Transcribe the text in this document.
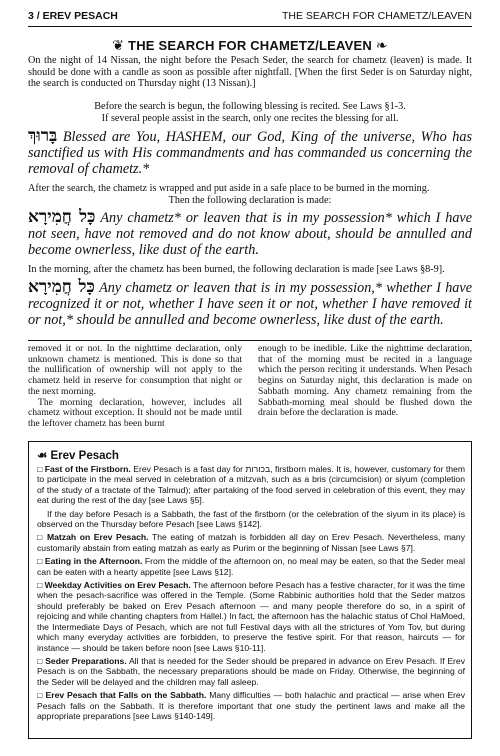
3 / EREV PESACH	THE SEARCH FOR CHAMETZ/LEAVEN
❦ THE SEARCH FOR CHAMETZ/LEAVEN ❧
On the night of 14 Nissan, the night before the Pesach Seder, the search for chametz (leaven) is made. It should be done with a candle as soon as possible after nightfall. [When the first Seder is on Saturday night, the search is conducted on Thursday night (13 Nissan).]
Before the search is begun, the following blessing is recited. See Laws §1-3.
If several people assist in the search, only one recites the blessing for all.
בָּרוּךְ Blessed are You, HASHEM, our God, King of the universe, Who has sanctified us with His commandments and has commanded us concerning the removal of chametz.*
After the search, the chametz is wrapped and put aside in a safe place to be burned in the morning.
Then the following declaration is made:
כָּל חֲמִירָא Any chametz* or leaven that is in my possession* which I have not seen, have not removed and do not know about, should be annulled and become ownerless, like dust of the earth.
In the morning, after the chametz has been burned, the following declaration is made [see Laws §8-9].
כָּל חֲמִירָא Any chametz or leaven that is in my possession,* whether I have recognized it or not, whether I have seen it or not, whether I have removed it or not,* should be annulled and become ownerless, like dust of the earth.

removed it or not. In the nighttime declaration, only unknown chametz is mentioned. This is done so that the nullification of ownership will not apply to the chametz held in reserve for consumption that night or the next morning.

The morning declaration, however, includes all chametz without exception. It should not be made until the leftover chametz has been burnt

enough to be inedible. Like the nighttime declaration, that of the morning must be recited in a language which the person reciting it understands. When Pesach begins on Saturday night, this declaration is made on Sabbath morning. Any chametz remaining from the Sabbath-morning meal should be flushed down the drain before the declaration is made.

☙ Erev Pesach

□ Fast of the Firstborn. Erev Pesach is a fast day for בכורות, firstborn males. It is, however, customary for them to participate in the meal served in celebration of a mitzvah, such as a bris (circumcision) or siyum (completion of the study of a tractate of the Talmud); after partaking of the food served in celebration of this event, they may eat during the rest of the day [see Laws §5].

If the day before Pesach is a Sabbath, the fast of the firstborn (or the celebration of the siyum in its place) is observed on the Thursday before Pesach [see Laws §142].

□ Matzah on Erev Pesach. The eating of matzah is forbidden all day on Erev Pesach. Nevertheless, many customarily abstain from eating matzah as early as Purim or the beginning of Nissan [see Laws §7].

□ Eating in the Afternoon. From the middle of the afternoon on, no meal may be eaten, so that the Seder meal can be eaten with a hearty appetite [see Laws §12].

□ Weekday Activities on Erev Pesach. The afternoon before Pesach has a festive character, for it was the time when the pesach-sacrifice was offered in the Temple. (Some Rabbinic authorities hold that the Seder matzos should preferably be baked on Erev Pesach afternoon — and many people therefore do so, in a spirit of rejoicing and while chanting chapters from Hallel.) In fact, the afternoon has the halachic status of Chol HaMoed, the Intermediate Days of Pesach, which are not full Festival days with all the strictures of Yom Tov, but during which many everyday activities are forbidden, to preserve the festive spirit. For that reason, haircuts — for instance — should be taken before noon [see Laws §10-11].

□ Seder Preparations. All that is needed for the Seder should be prepared in advance on Erev Pesach. If Erev Pesach is on the Sabbath, the necessary preparations should be made on Friday. Otherwise, the beginning of the Seder will be delayed and the children may fall asleep.

□ Erev Pesach that Falls on the Sabbath. Many difficulties — both halachic and practical — arise when Erev Pesach falls on the Sabbath. It is therefore important that one study the pertinent laws and make all the appropriate preparations [see Laws §140-149].
